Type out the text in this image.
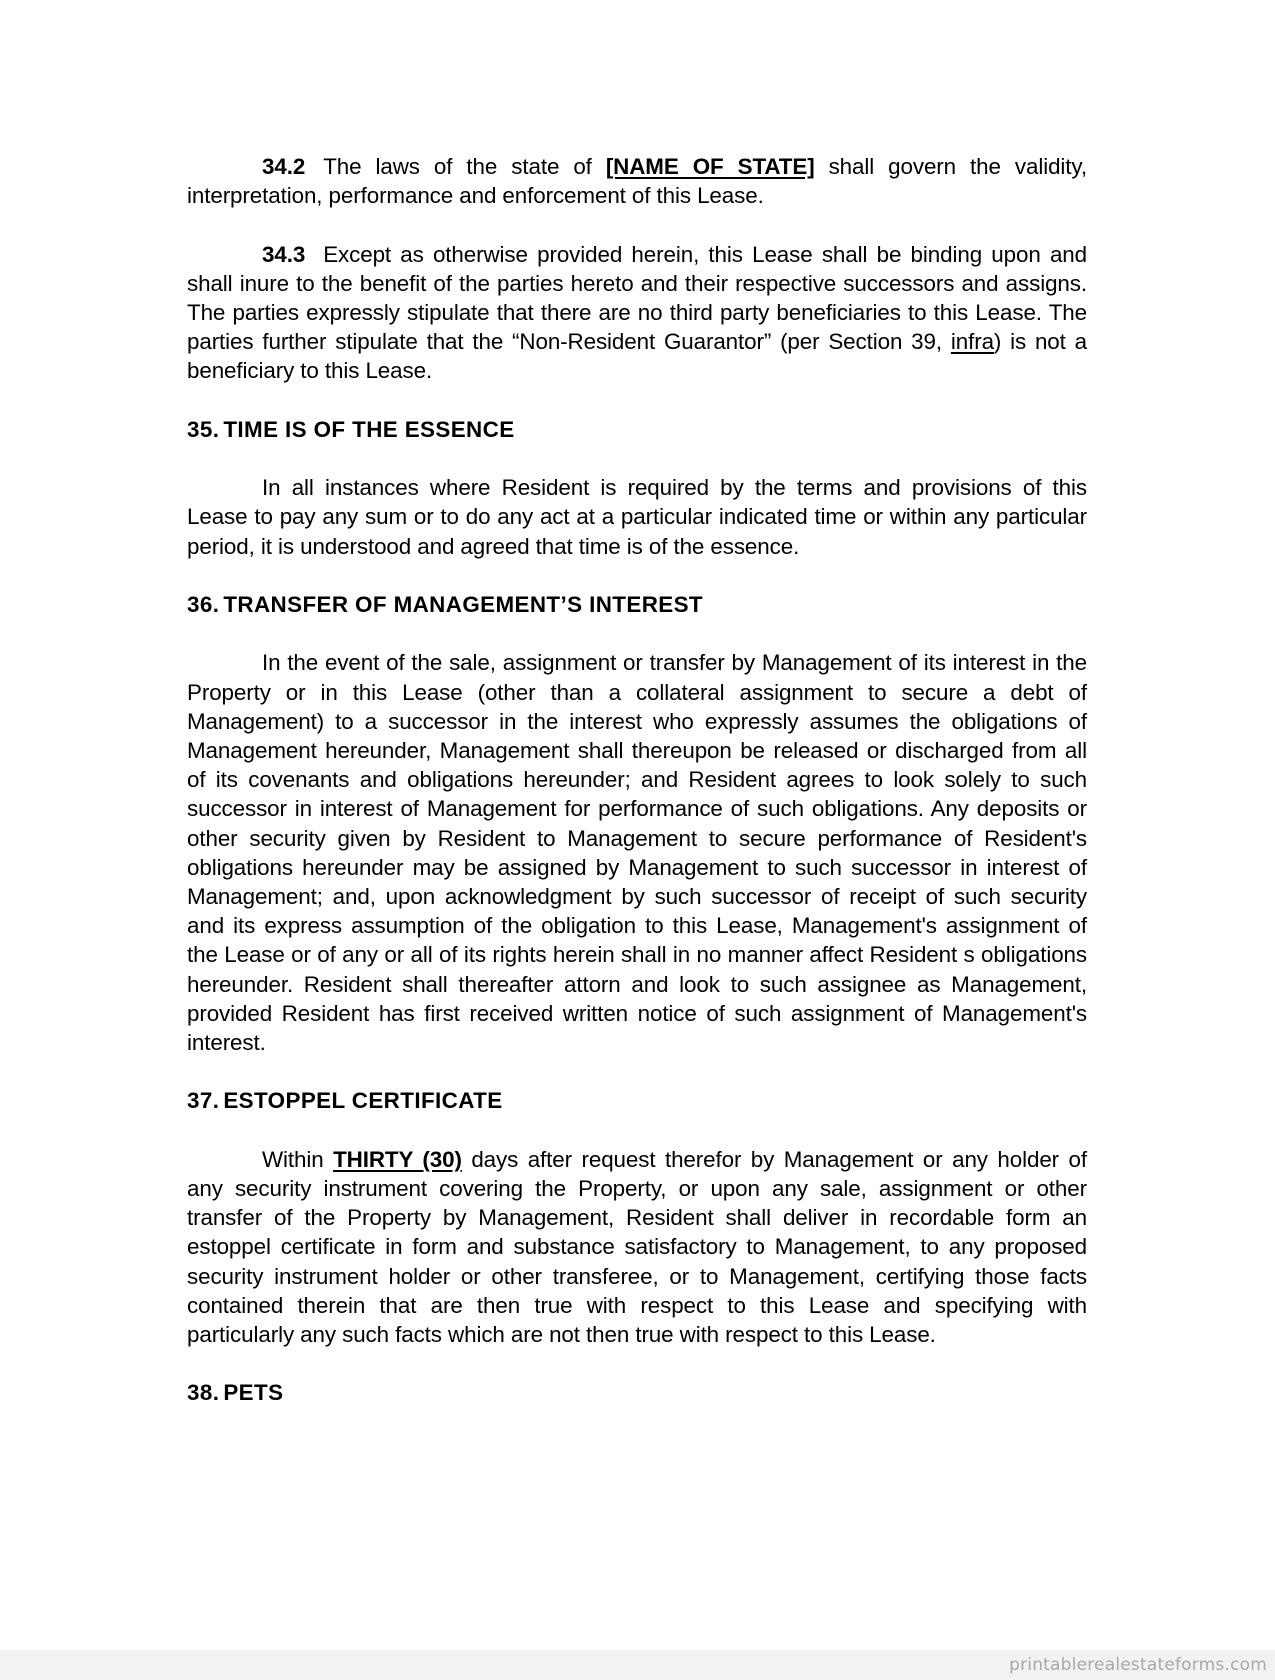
34.2 The laws of the state of [NAME OF STATE] shall govern the validity, interpretation, performance and enforcement of this Lease.

34.3 Except as otherwise provided herein, this Lease shall be binding upon and shall inure to the benefit of the parties hereto and their respective successors and assigns. The parties expressly stipulate that there are no third party beneficiaries to this Lease. The parties further stipulate that the “Non-Resident Guarantor” (per Section 39, infra) is not a beneficiary to this Lease.

35. TIME IS OF THE ESSENCE

In all instances where Resident is required by the terms and provisions of this Lease to pay any sum or to do any act at a particular indicated time or within any particular period, it is understood and agreed that time is of the essence.

36. TRANSFER OF MANAGEMENT’S INTEREST

In the event of the sale, assignment or transfer by Management of its interest in the Property or in this Lease (other than a collateral assignment to secure a debt of Management) to a successor in the interest who expressly assumes the obligations of Management hereunder, Management shall thereupon be released or discharged from all of its covenants and obligations hereunder; and Resident agrees to look solely to such successor in interest of Management for performance of such obligations. Any deposits or other security given by Resident to Management to secure performance of Resident's obligations hereunder may be assigned by Management to such successor in interest of Management; and, upon acknowledgment by such successor of receipt of such security and its express assumption of the obligation to this Lease, Management's assignment of the Lease or of any or all of its rights herein shall in no manner affect Resident s obligations hereunder. Resident shall thereafter attorn and look to such assignee as Management, provided Resident has first received written notice of such assignment of Management's interest.

37. ESTOPPEL CERTIFICATE

Within THIRTY (30) days after request therefor by Management or any holder of any security instrument covering the Property, or upon any sale, assignment or other transfer of the Property by Management, Resident shall deliver in recordable form an estoppel certificate in form and substance satisfactory to Management, to any proposed security instrument holder or other transferee, or to Management, certifying those facts contained therein that are then true with respect to this Lease and specifying with particularly any such facts which are not then true with respect to this Lease.

38. PETS
printablerealestateforms.com
